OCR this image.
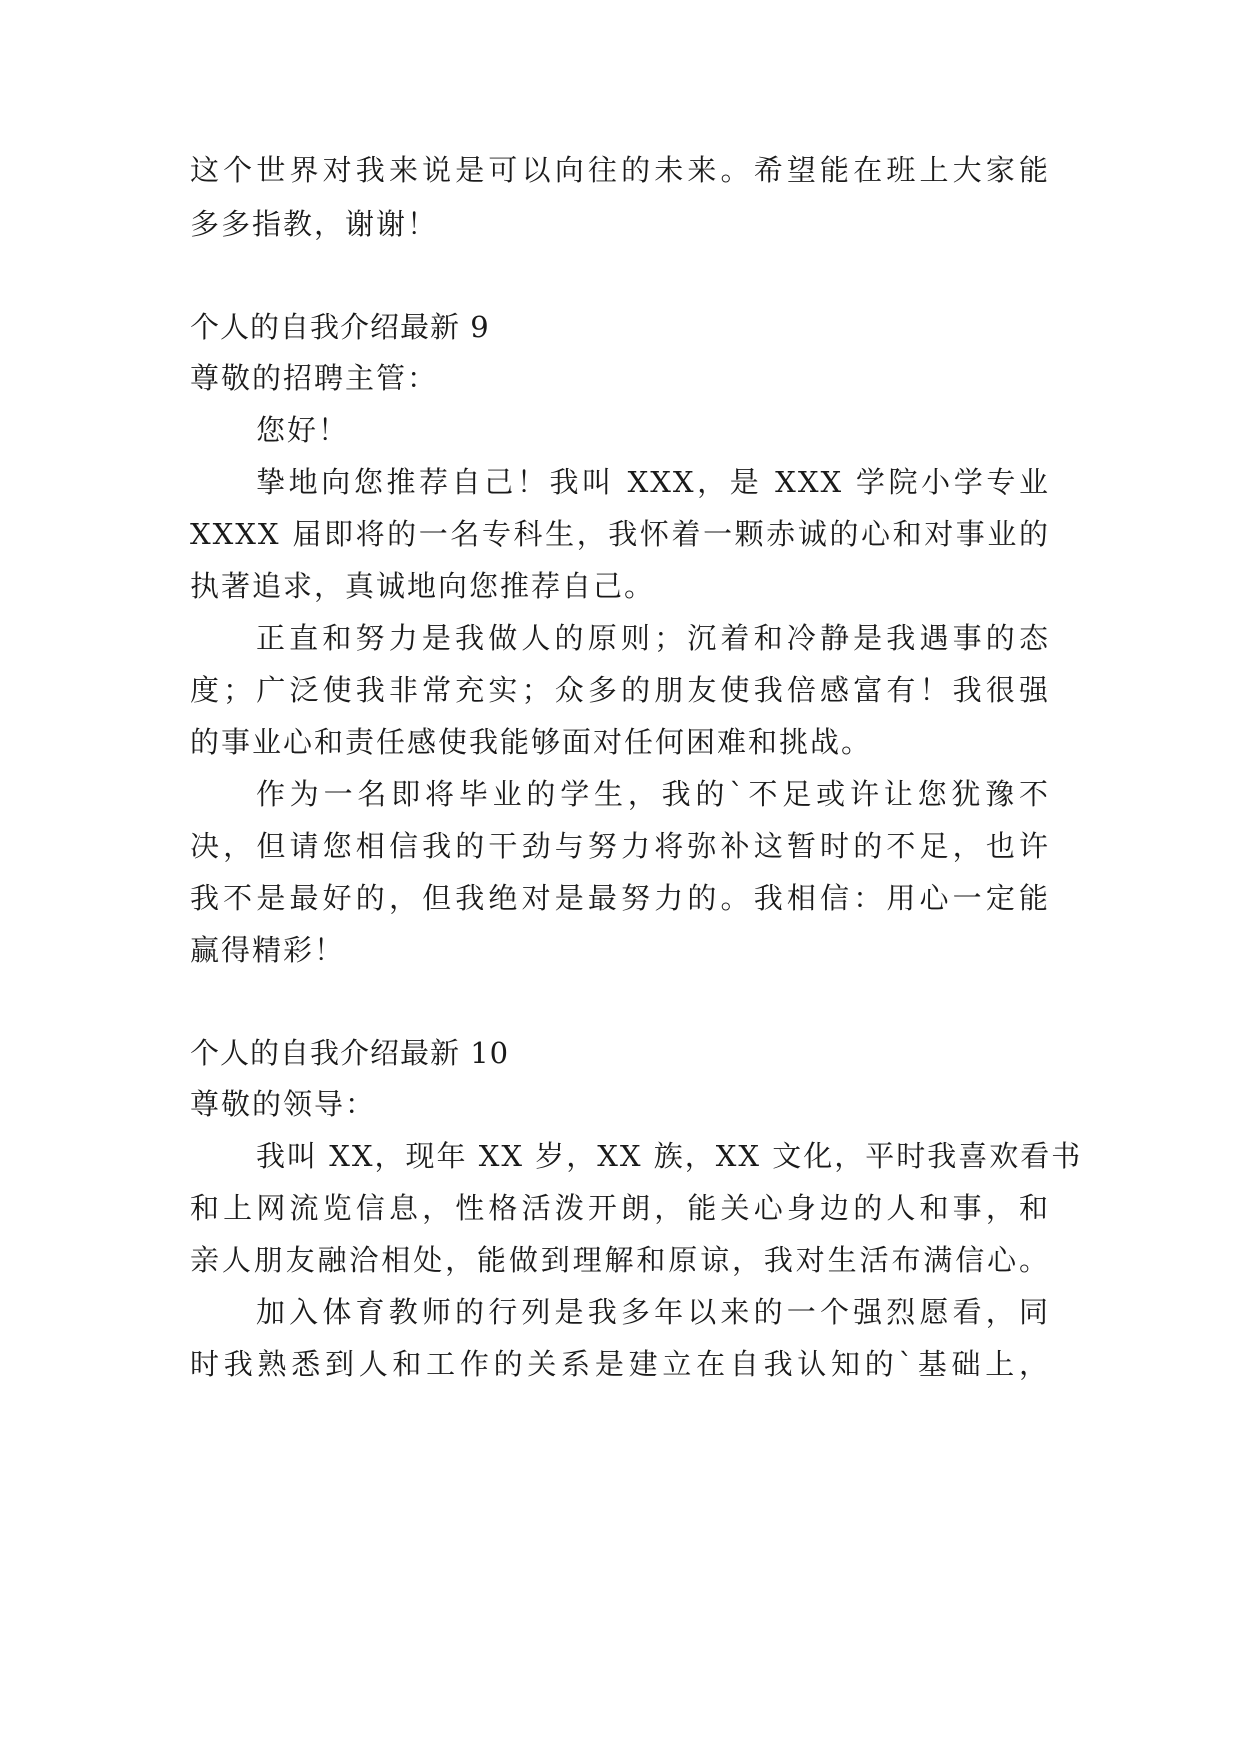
这个世界对我来说是可以向往的未来。希望能在班上大家能
多多指教，谢谢！
个人的自我介绍最新 9
尊敬的招聘主管：
您好！
挚地向您推荐自己！我叫 XXX，是 XXX 学院小学专业
XXXX 届即将的一名专科生，我怀着一颗赤诚的心和对事业的
执著追求，真诚地向您推荐自己。
正直和努力是我做人的原则；沉着和冷静是我遇事的态
度；广泛使我非常充实；众多的朋友使我倍感富有！我很强
的事业心和责任感使我能够面对任何困难和挑战。
作为一名即将毕业的学生，我的`不足或许让您犹豫不
决，但请您相信我的干劲与努力将弥补这暂时的不足，也许
我不是最好的，但我绝对是最努力的。我相信：用心一定能
赢得精彩！
个人的自我介绍最新 10
尊敬的领导：
我叫 XX，现年 XX 岁，XX 族，XX 文化，平时我喜欢看书
和上网流览信息，性格活泼开朗，能关心身边的人和事，和
亲人朋友融洽相处，能做到理解和原谅，我对生活布满信心。
加入体育教师的行列是我多年以来的一个强烈愿看，同
时我熟悉到人和工作的关系是建立在自我认知的`基础上，
